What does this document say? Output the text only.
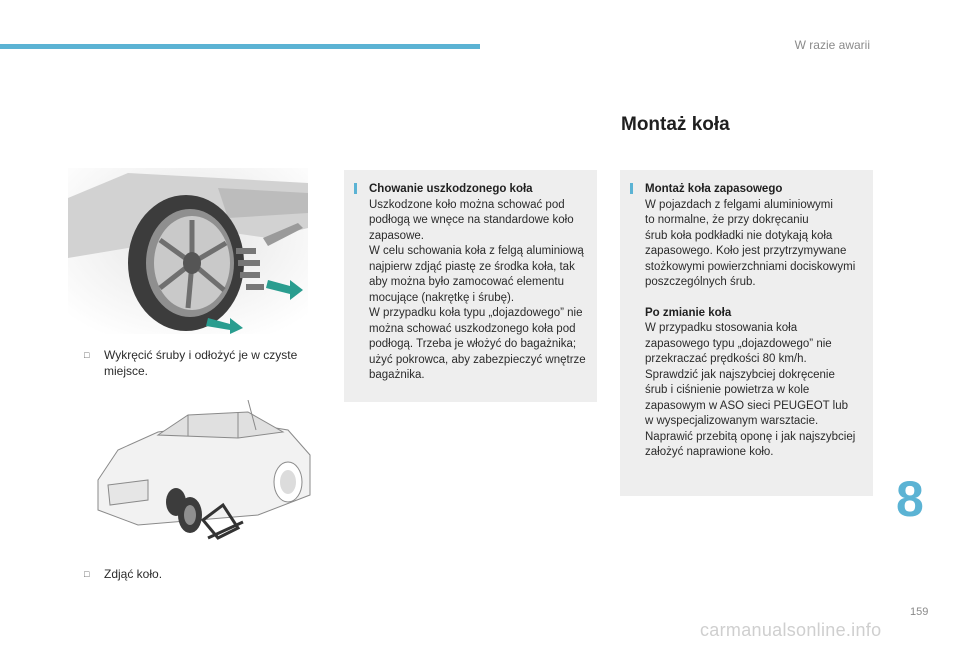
W razie awarii
Montaż koła
□	Wykręcić śruby i odłożyć je w czyste miejsce.
□	Zdjąć koło.
Chowanie uszkodzonego koła
Uszkodzone koło można schować pod
podłogą we wnęce na standardowe koło
zapasowe.
W celu schowania koła z felgą aluminiową
najpierw zdjąć piastę ze środka koła, tak
aby można było zamocować elementu
mocujące (nakrętkę i śrubę).
W przypadku koła typu „dojazdowego” nie
można schować uszkodzonego koła pod
podłogą. Trzeba je włożyć do bagażnika;
użyć pokrowca, aby zabezpieczyć wnętrze
bagażnika.
Montaż koła zapasowego
W pojazdach z felgami aluminiowymi
to normalne, że przy dokręcaniu
śrub koła podkładki nie dotykają koła
zapasowego. Koło jest przytrzymywane
stożkowymi powierzchniami dociskowymi
poszczególnych śrub.
Po zmianie koła
W przypadku stosowania koła
zapasowego typu „dojazdowego” nie
przekraczać prędkości 80 km/h.
Sprawdzić jak najszybciej dokręcenie
śrub i ciśnienie powietrza w kole
zapasowym w ASO sieci PEUGEOT lub
w wyspecjalizowanym warsztacie.
Naprawić przebitą oponę i jak najszybciej
założyć naprawione koło.
8
159
carmanualsonline.info
